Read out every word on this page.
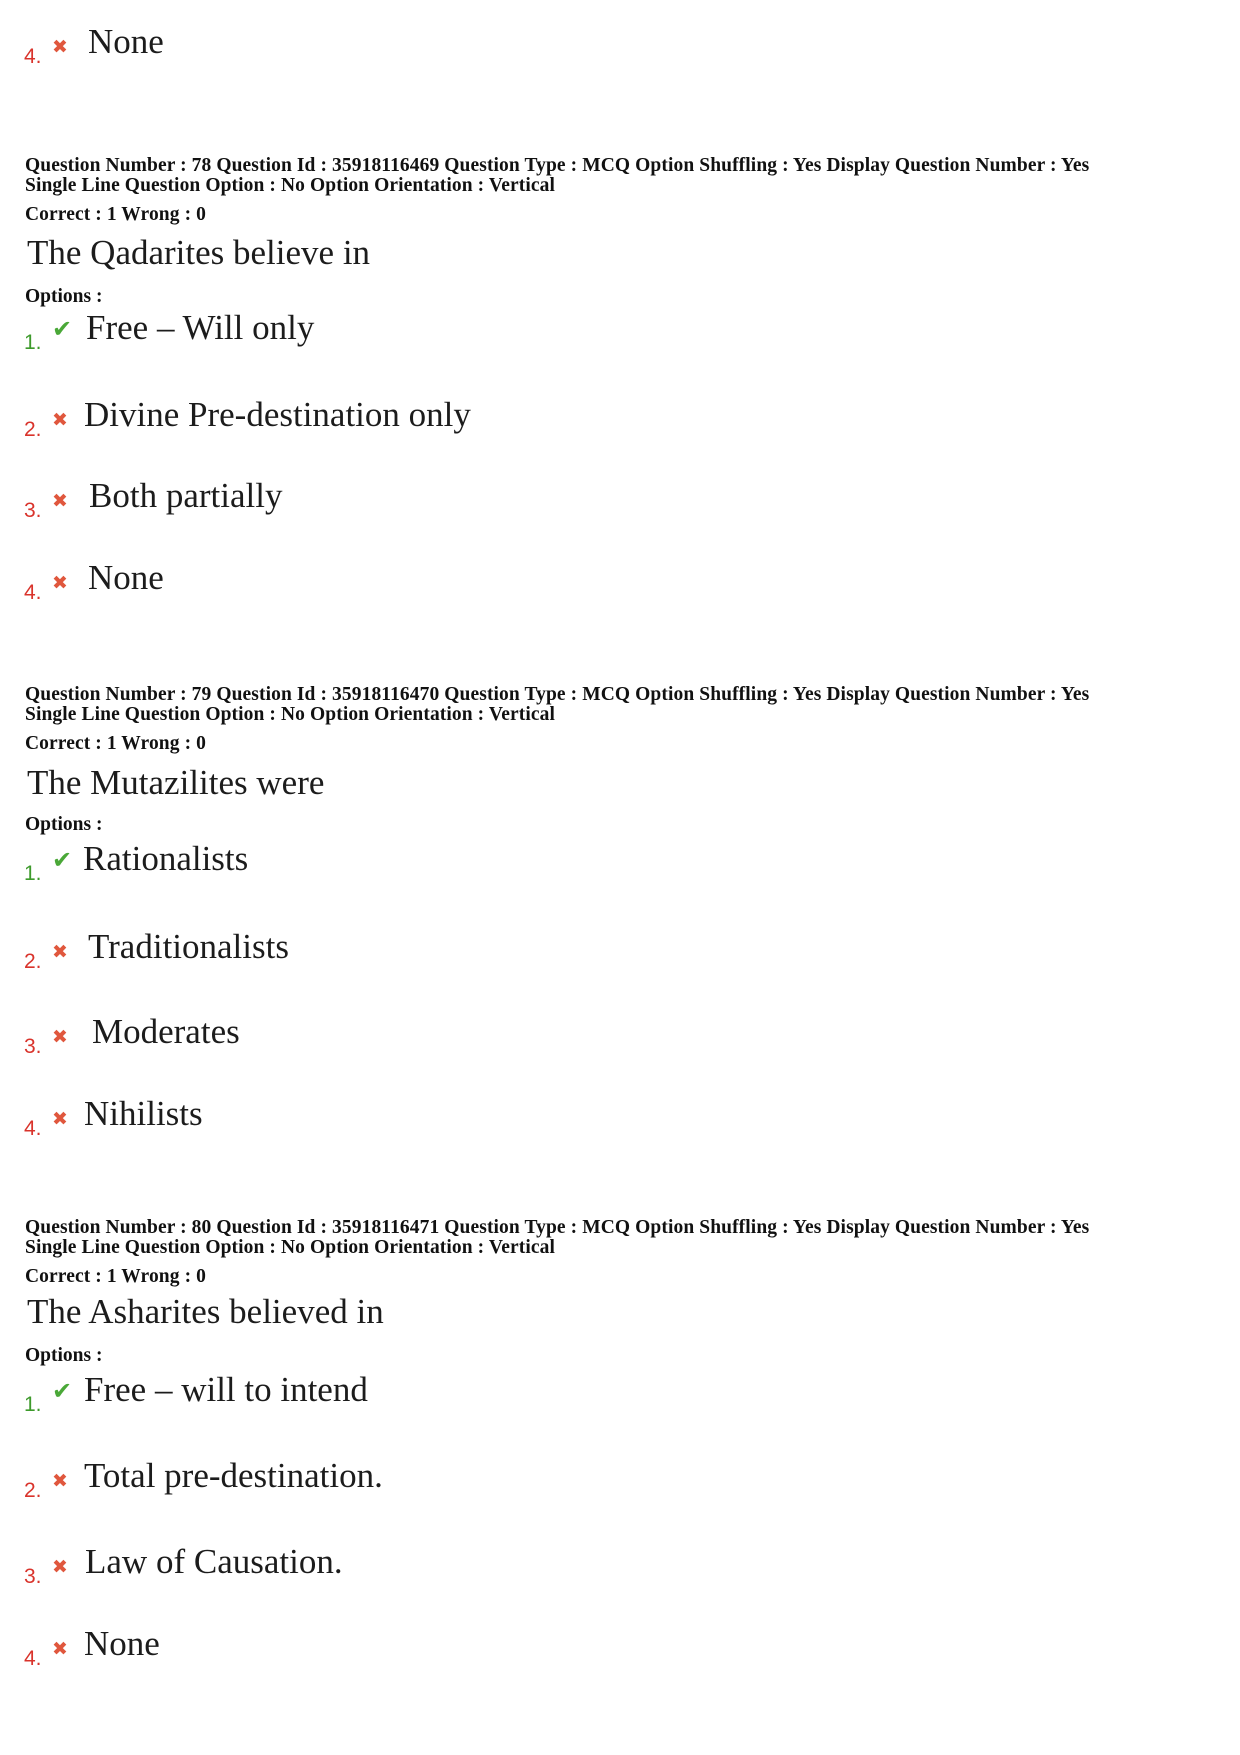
4. ✖ None
Question Number : 78 Question Id : 35918116469 Question Type : MCQ Option Shuffling : Yes Display Question Number : Yes
Single Line Question Option : No Option Orientation : Vertical
Correct : 1 Wrong : 0
The Qadarites believe in
Options :
1. ✔ Free – Will only
2. ✖ Divine Pre-destination only
3. ✖ Both partially
4. ✖ None
Question Number : 79 Question Id : 35918116470 Question Type : MCQ Option Shuffling : Yes Display Question Number : Yes
Single Line Question Option : No Option Orientation : Vertical
Correct : 1 Wrong : 0
The Mutazilites were
Options :
1. ✔ Rationalists
2. ✖ Traditionalists
3. ✖ Moderates
4. ✖ Nihilists
Question Number : 80 Question Id : 35918116471 Question Type : MCQ Option Shuffling : Yes Display Question Number : Yes
Single Line Question Option : No Option Orientation : Vertical
Correct : 1 Wrong : 0
The Asharites believed in
Options :
1. ✔ Free – will to intend
2. ✖ Total pre-destination.
3. ✖ Law of Causation.
4. ✖ None
